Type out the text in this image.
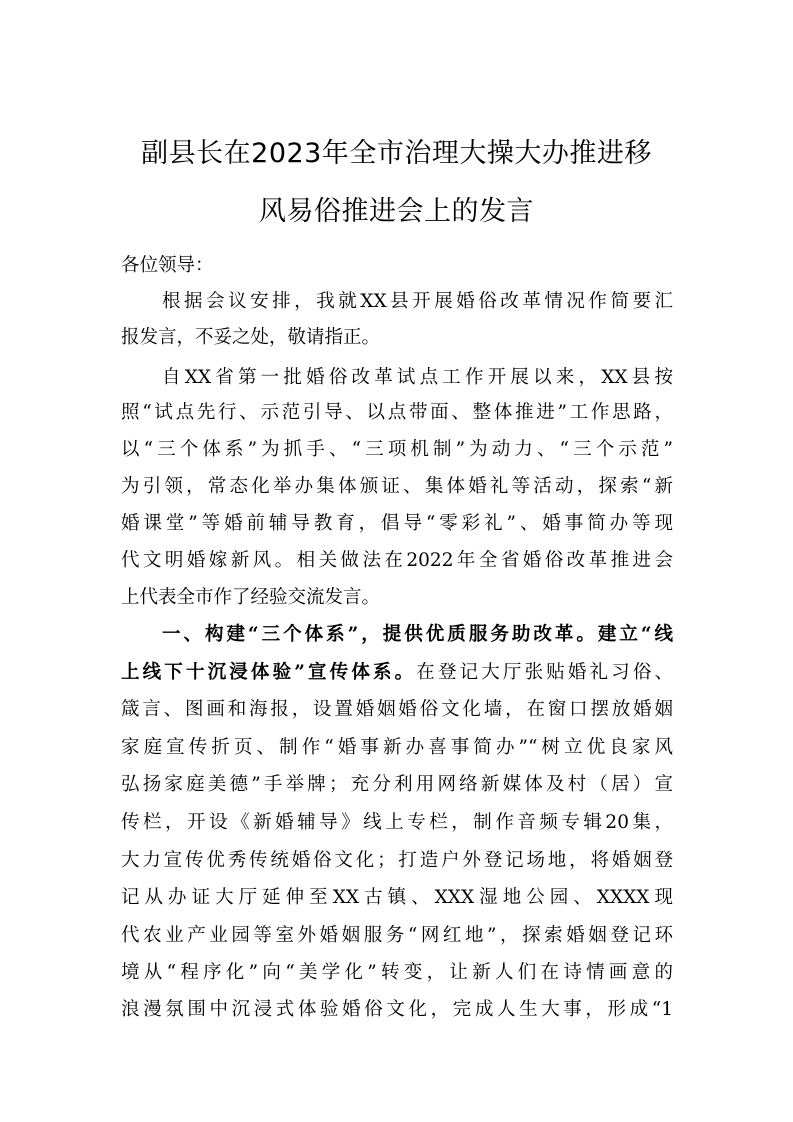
副县长在2023年全市治理大操大办推进移
风易俗推进会上的发言
各位领导：
根据会议安排，我就XX县开展婚俗改革情况作简要汇
报发言，不妥之处，敬请指正。
自XX省第一批婚俗改革试点工作开展以来，XX县按
照“试点先行、示范引导、以点带面、整体推进”工作思路，
以“三个体系”为抓手、“三项机制”为动力、“三个示范”
为引领，常态化举办集体颁证、集体婚礼等活动，探索“新
婚课堂”等婚前辅导教育，倡导“零彩礼”、婚事简办等现
代文明婚嫁新风。相关做法在2022年全省婚俗改革推进会
上代表全市作了经验交流发言。
一、构建“三个体系”，提供优质服务助改革。建立“线
上线下十沉浸体验”宣传体系。在登记大厅张贴婚礼习俗、
箴言、图画和海报，设置婚姻婚俗文化墙，在窗口摆放婚姻
家庭宣传折页、制作“婚事新办喜事简办”“树立优良家风
弘扬家庭美德”手举牌；充分利用网络新媒体及村（居）宣
传栏，开设《新婚辅导》线上专栏，制作音频专辑20集，
大力宣传优秀传统婚俗文化；打造户外登记场地，将婚姻登
记从办证大厅延伸至XX古镇、XXX湿地公园、XXXX现
代农业产业园等室外婚姻服务“网红地”，探索婚姻登记环
境从“程序化”向“美学化”转变，让新人们在诗情画意的
浪漫氛围中沉浸式体验婚俗文化，完成人生大事，形成“1
